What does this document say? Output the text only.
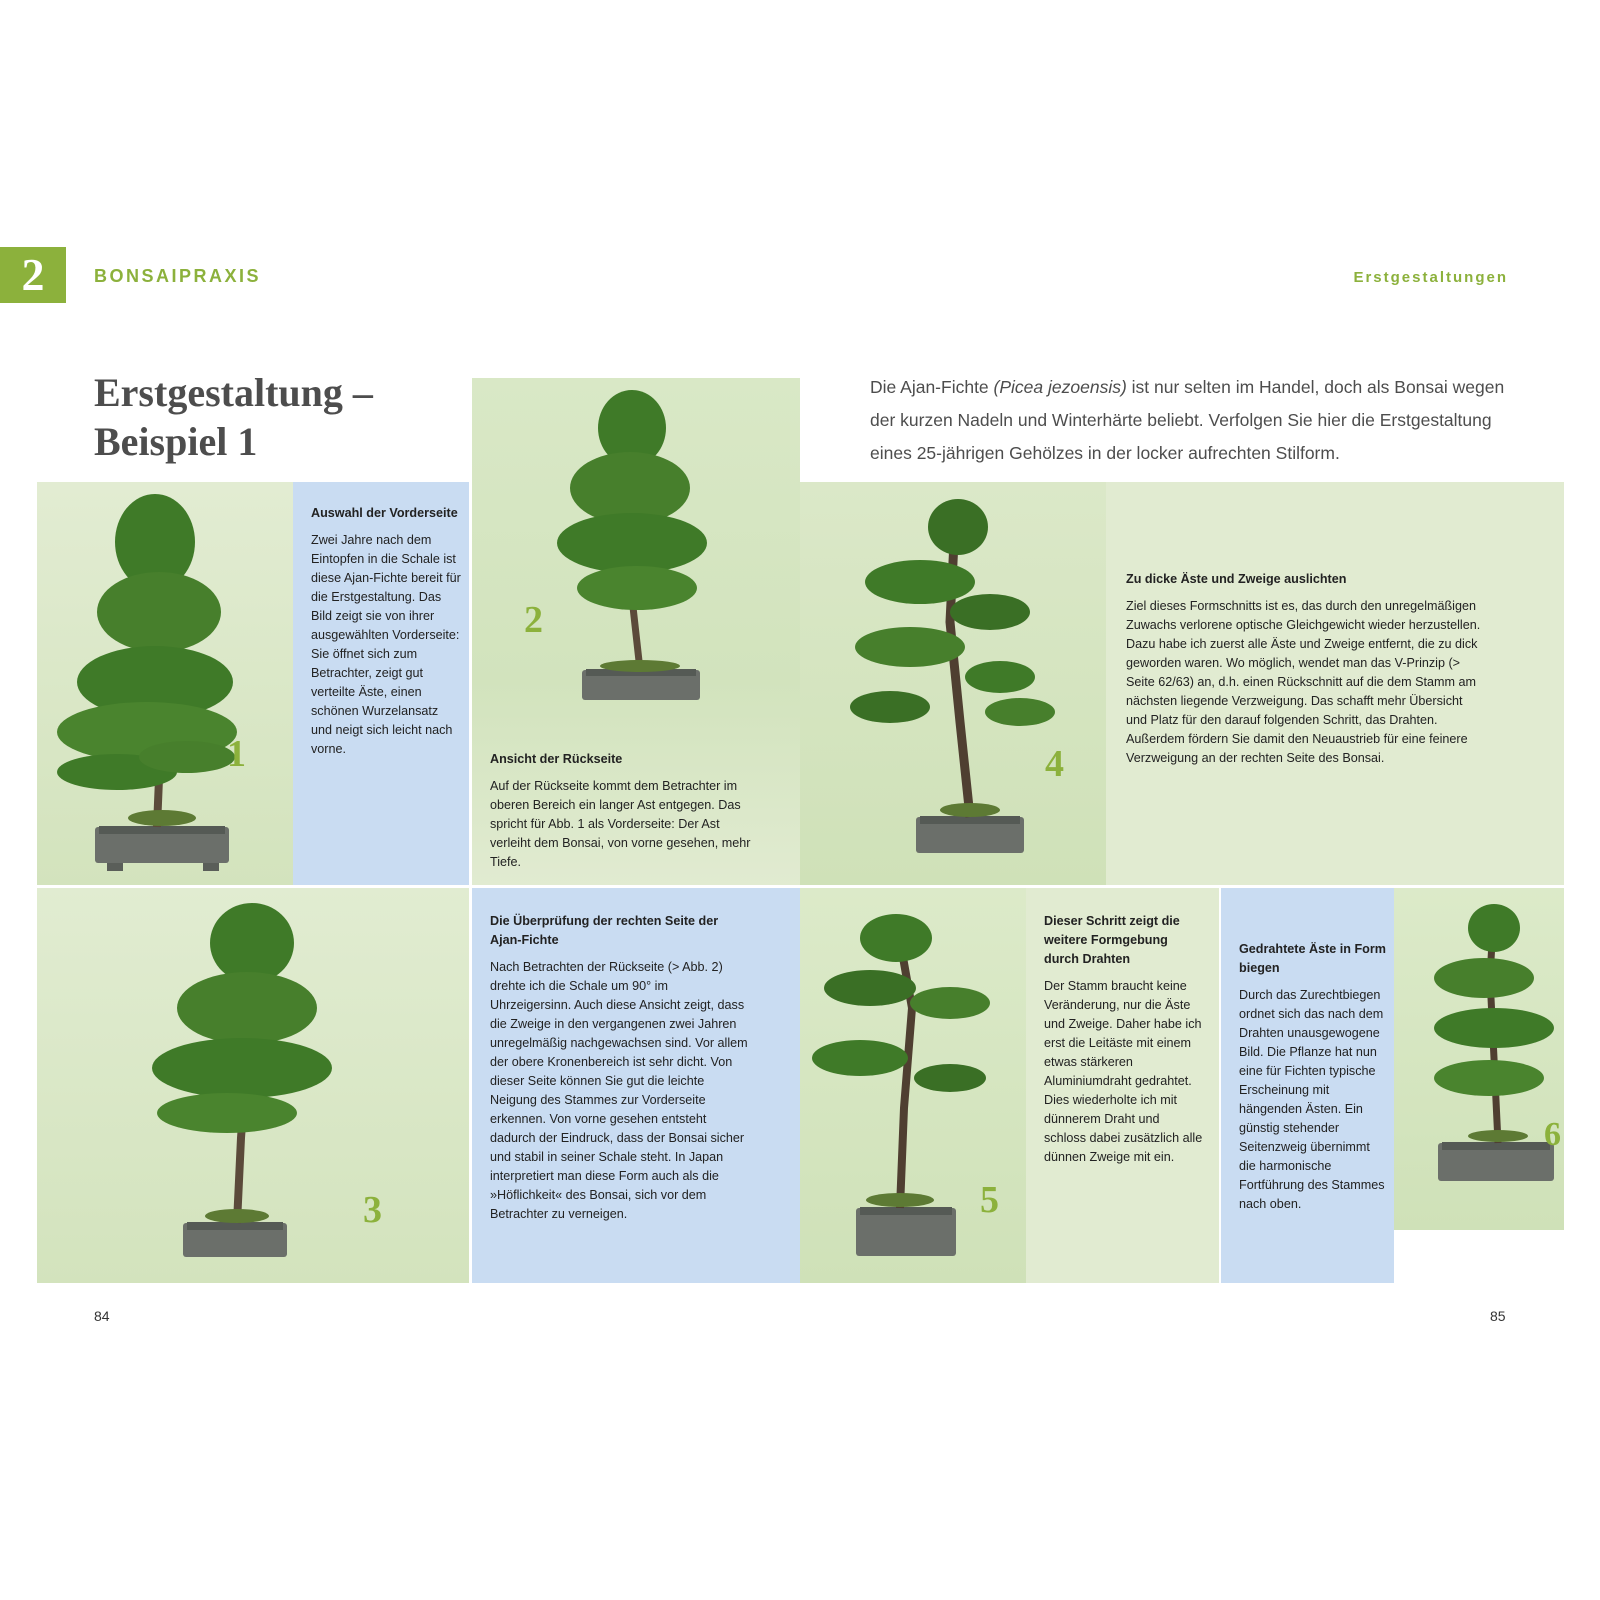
2	BONSAIPRAXIS	Erstgestaltungen
Erstgestaltung –
Beispiel 1
Die Ajan-Fichte (Picea jezoensis) ist nur selten im Handel, doch als Bonsai wegen der kurzen Nadeln und Winterhärte beliebt. Verfolgen Sie hier die Erstgestaltung eines 25-jährigen Gehölzes in der locker aufrechten Stilform.
1
Auswahl der Vorderseite
Zwei Jahre nach dem Eintopfen in die Schale ist diese Ajan-Fichte bereit für die Erstgestaltung. Das Bild zeigt sie von ihrer ausgewählten Vorderseite: Sie öffnet sich zum Betrachter, zeigt gut verteilte Äste, einen schönen Wurzelansatz und neigt sich leicht nach vorne.
2
Ansicht der Rückseite
Auf der Rückseite kommt dem Betrachter im oberen Bereich ein langer Ast entgegen. Das spricht für Abb. 1 als Vorderseite: Der Ast verleiht dem Bonsai, von vorne gesehen, mehr Tiefe.
4
Zu dicke Äste und Zweige auslichten
Ziel dieses Formschnitts ist es, das durch den unregelmäßigen Zuwachs verlorene optische Gleichgewicht wieder herzustellen. Dazu habe ich zuerst alle Äste und Zweige entfernt, die zu dick geworden waren. Wo möglich, wendet man das V-Prinzip (> Seite 62/63) an, d.h. einen Rückschnitt auf die dem Stamm am nächsten liegende Verzweigung. Das schafft mehr Übersicht und Platz für den darauf folgenden Schritt, das Drahten. Außerdem fördern Sie damit den Neuaustrieb für eine feinere Verzweigung an der rechten Seite des Bonsai.
3
Die Überprüfung der rechten Seite der Ajan-Fichte
Nach Betrachten der Rückseite (> Abb. 2) drehte ich die Schale um 90° im Uhrzeigersinn. Auch diese Ansicht zeigt, dass die Zweige in den vergangenen zwei Jahren unregelmäßig nachgewachsen sind. Vor allem der obere Kronenbereich ist sehr dicht. Von dieser Seite können Sie gut die leichte Neigung des Stammes zur Vorderseite erkennen. Von vorne gesehen entsteht dadurch der Eindruck, dass der Bonsai sicher und stabil in seiner Schale steht. In Japan interpretiert man diese Form auch als die »Höflichkeit« des Bonsai, sich vor dem Betrachter zu verneigen.	5
Dieser Schritt zeigt die weitere Formgebung durch Drahten
Der Stamm braucht keine Veränderung, nur die Äste und Zweige. Daher habe ich erst die Leitäste mit einem etwas stärkeren Aluminiumdraht gedrahtet. Dies wiederholte ich mit dünnerem Draht und schloss dabei zusätzlich alle dünnen Zweige mit ein.
Gedrahtete Äste in Form biegen
Durch das Zurechtbiegen ordnet sich das nach dem Drahten unausgewogene Bild. Die Pflanze hat nun eine für Fichten typische Erscheinung mit hängenden Ästen. Ein günstig stehender Seitenzweig übernimmt die harmonische Fortführung des Stammes nach oben.
6
84	85
